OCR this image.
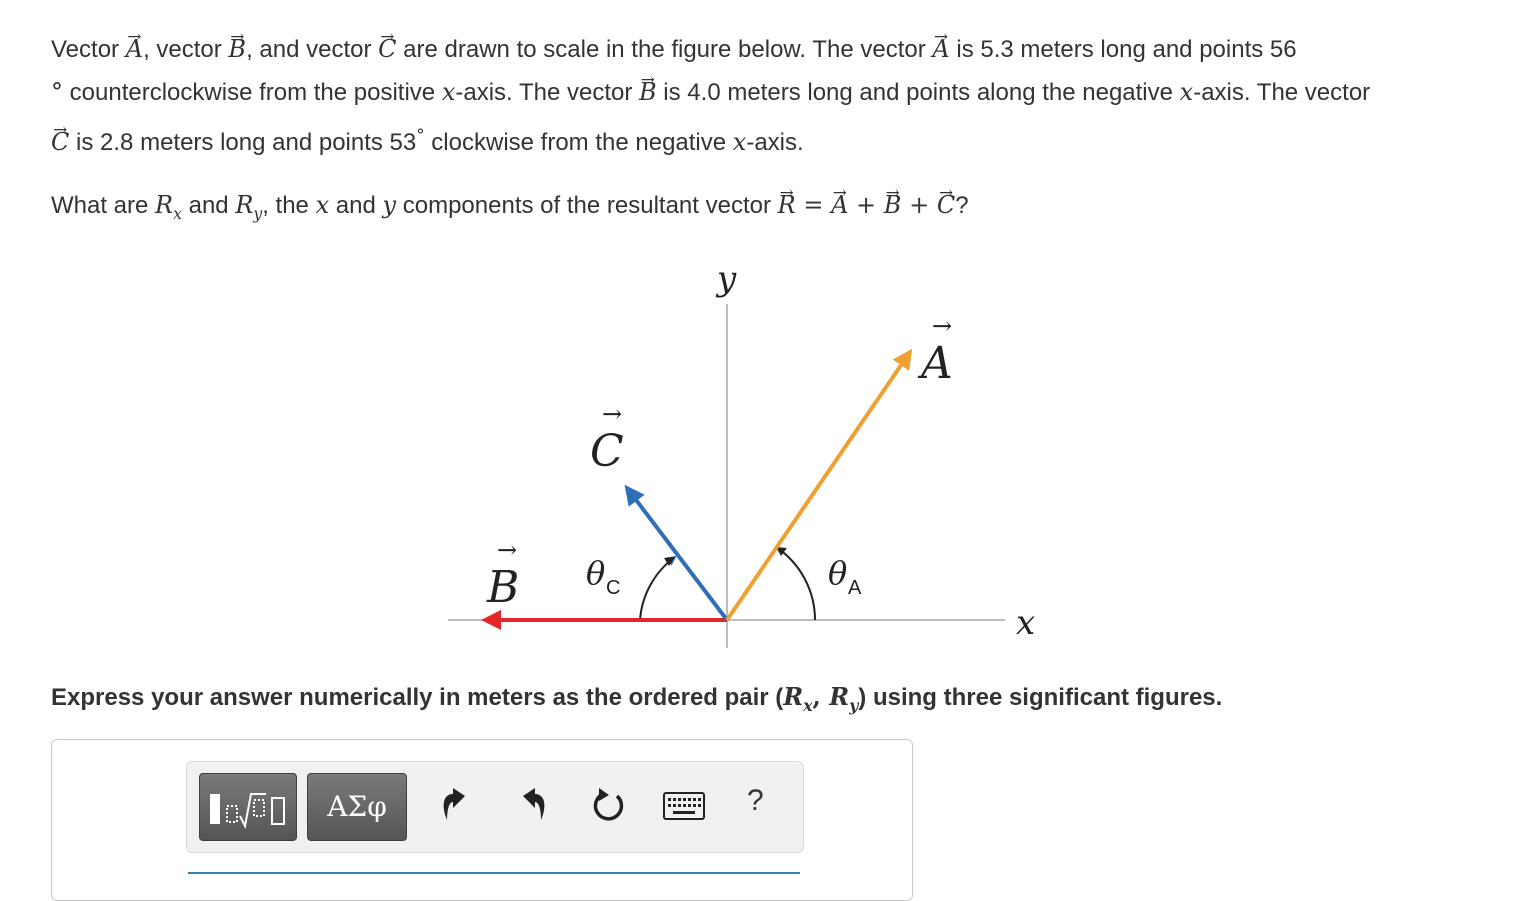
Vector → A, vector → B, and vector → C are drawn to scale in the figure below. The vector → A is 5.3 meters long and points 56
° counterclockwise from the positive x-axis. The vector → B is 4.0 meters long and points along the negative x-axis. The vector
→ C is 2.8 meters long and points 53° clockwise from the negative x-axis.

What are $R_x$ and $R_y$, the x and y components of the resultant vector → R = → A + → B + → C?

y
x
A
→
C
→
B
→
θ C	θ A

Express your answer numerically in meters as the ordered pair ($R_x$, $R_y$) using three significant figures.

ΑΣφ	?
